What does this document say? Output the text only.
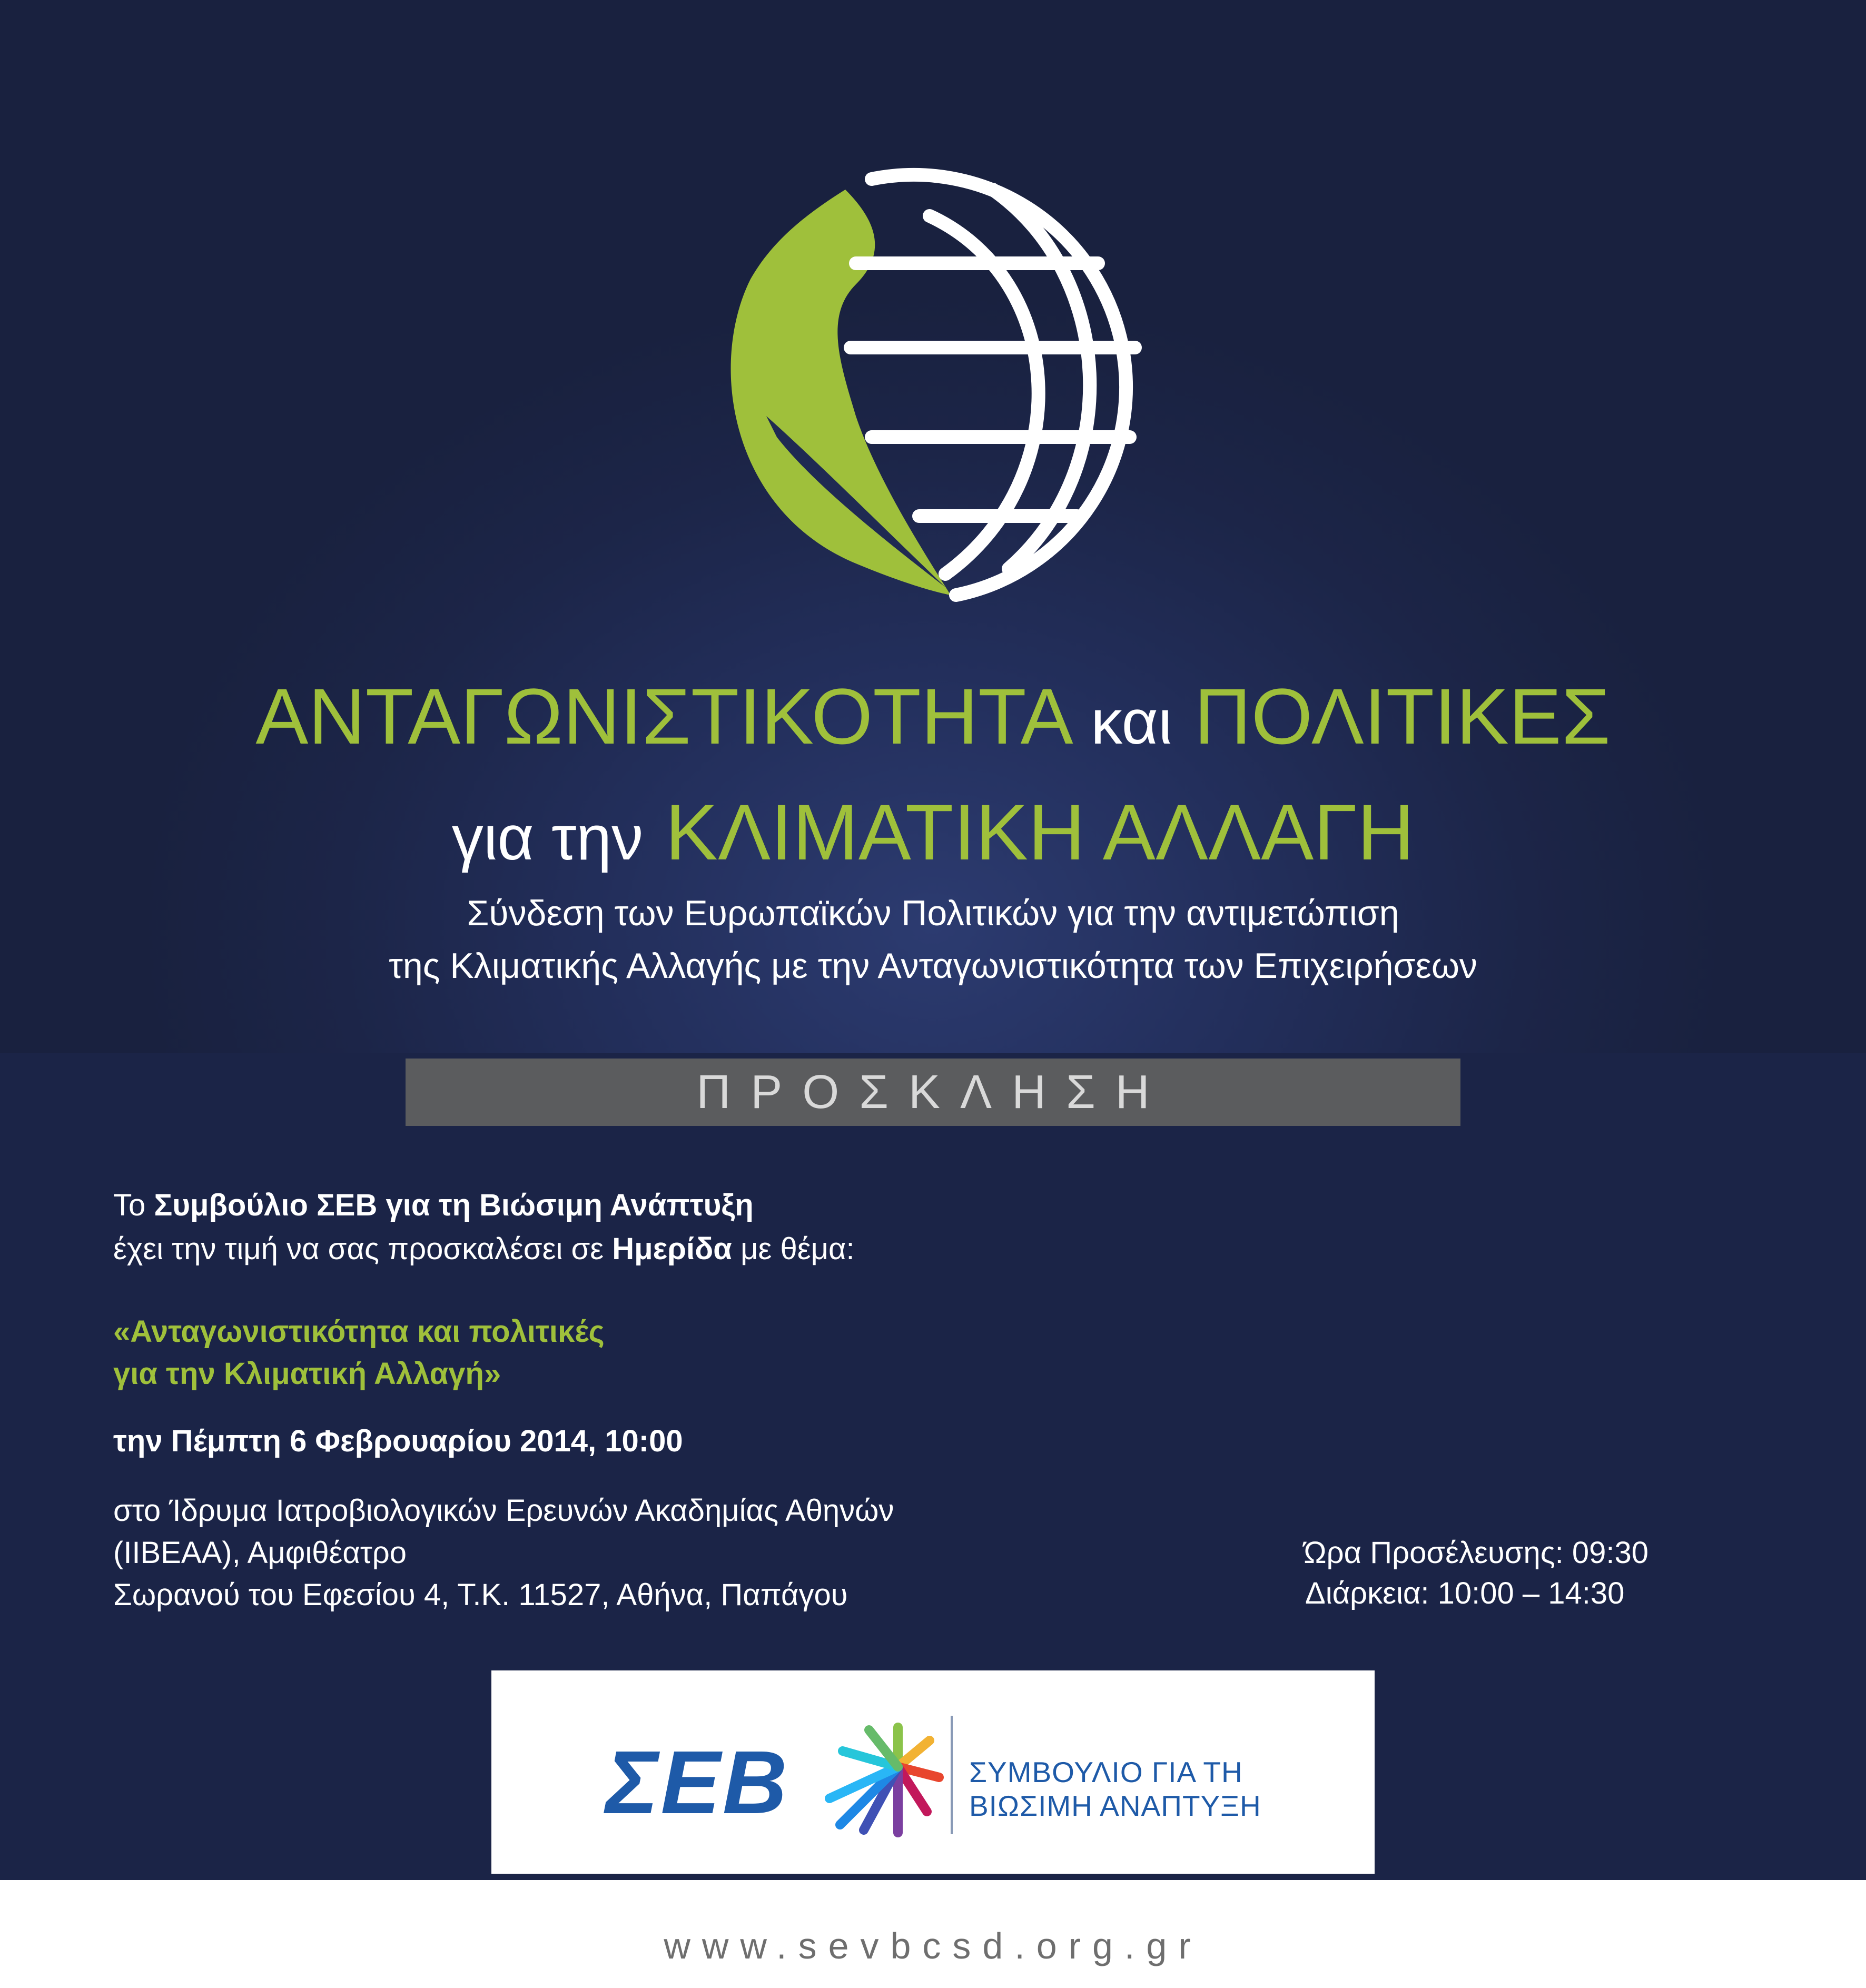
ΑΝΤΑΓΩΝΙΣΤΙΚΟΤΗΤΑ και ΠΟΛΙΤΙΚΕΣ
για την ΚΛΙΜΑΤΙΚΗ ΑΛΛΑΓΗ
Σύνδεση των Ευρωπαϊκών Πολιτικών για την αντιμετώπιση
της Κλιματικής Αλλαγής με την Ανταγωνιστικότητα των Επιχειρήσεων
ΠΡΟΣΚΛΗΣΗ
Το Συμβούλιο ΣΕΒ για τη Βιώσιμη Ανάπτυξη
έχει την τιμή να σας προσκαλέσει σε Ημερίδα με θέμα:
«Ανταγωνιστικότητα και πολιτικές
για την Κλιματική Αλλαγή»
την Πέμπτη 6 Φεβρουαρίου 2014, 10:00
στο Ίδρυμα Ιατροβιολογικών Ερευνών Ακαδημίας Αθηνών
(ΙΙΒΕΑΑ), Αμφιθέατρο
Σωρανού του Εφεσίου 4, Τ.Κ. 11527, Αθήνα, Παπάγου
Ώρα Προσέλευσης: 09:30
Διάρκεια: 10:00 – 14:30
ΣΕΒ	ΣΥΜΒΟΥΛΙΟ ΓΙΑ ΤΗ
ΒΙΩΣΙΜΗ ΑΝΑΠΤΥΞΗ
www.sevbcsd.org.gr
